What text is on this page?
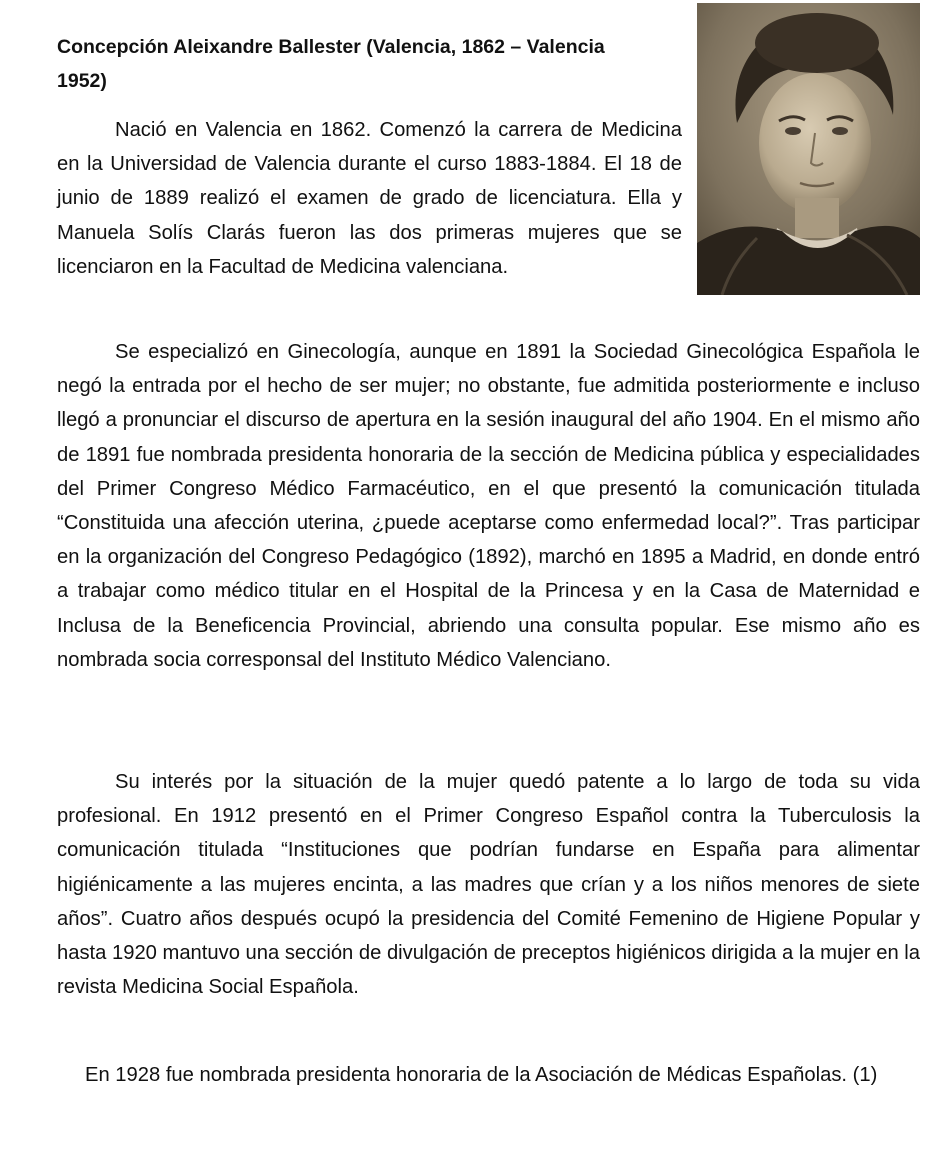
Concepción Aleixandre Ballester (Valencia, 1862 – Valencia 1952)

Nació en Valencia en 1862. Comenzó la carrera de Medicina en la Universidad de Valencia durante el curso 1883-1884. El 18 de junio de 1889 realizó el examen de grado de licenciatura. Ella y Manuela Solís Clarás fueron las dos primeras mujeres que se licenciaron en la Facultad de Medicina valenciana.

Se especializó en Ginecología, aunque en 1891 la Sociedad Ginecológica Española le negó la entrada por el hecho de ser mujer; no obstante, fue admitida posteriormente e incluso llegó a pronunciar el discurso de apertura en la sesión inaugural del año 1904. En el mismo año de 1891 fue nombrada presidenta honoraria de la sección de Medicina pública y especialidades del Primer Congreso Médico Farmacéutico, en el que presentó la comunicación titulada “Constituida una afección uterina, ¿puede aceptarse como enfermedad local?”. Tras participar en la organización del Congreso Pedagógico (1892), marchó en 1895 a Madrid, en donde entró a trabajar como médico titular en el Hospital de la Princesa y en la Casa de Maternidad e Inclusa de la Beneficencia Provincial, abriendo una consulta popular. Ese mismo año es nombrada socia corresponsal del Instituto Médico Valenciano.

Su interés por la situación de la mujer quedó patente a lo largo de toda su vida profesional. En 1912 presentó en el Primer Congreso Español contra la Tuberculosis la comunicación titulada “Instituciones que podrían fundarse en España para alimentar higiénicamente a las mujeres encinta, a las madres que crían y a los niños menores de siete años”. Cuatro años después ocupó la presidencia del Comité Femenino de Higiene Popular y hasta 1920 mantuvo una sección de divulgación de preceptos higiénicos dirigida a la mujer en la revista Medicina Social Española.

En 1928 fue nombrada presidenta honoraria de la Asociación de Médicas Españolas. (1)
